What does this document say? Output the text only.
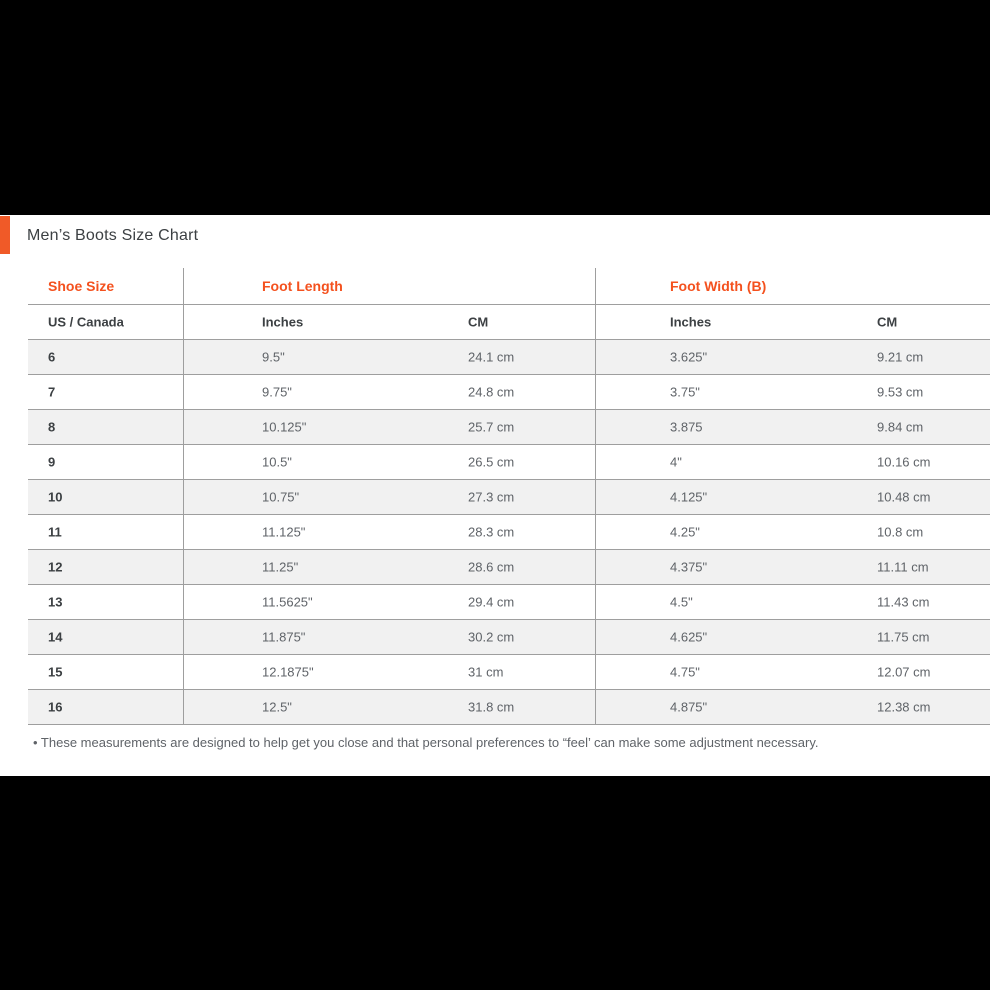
Men’s Boots Size Chart
Shoe Size	Foot Length	Foot Width (B)
US / Canada	Inches	CM	Inches	CM
6	9.5"	24.1 cm	3.625"	9.21 cm
7	9.75"	24.8 cm	3.75"	9.53 cm
8	10.125"	25.7 cm	3.875	9.84 cm
9	10.5"	26.5 cm	4"	10.16 cm
10	10.75"	27.3 cm	4.125"	10.48 cm
11	11.125"	28.3 cm	4.25"	10.8 cm
12	11.25"	28.6 cm	4.375"	11.11 cm
13	11.5625"	29.4 cm	4.5"	11.43 cm
14	11.875"	30.2 cm	4.625"	11.75 cm
15	12.1875"	31 cm	4.75"	12.07 cm
16	12.5"	31.8 cm	4.875"	12.38 cm

• These measurements are designed to help get you close and that personal preferences to “feel’ can make some adjustment necessary.
